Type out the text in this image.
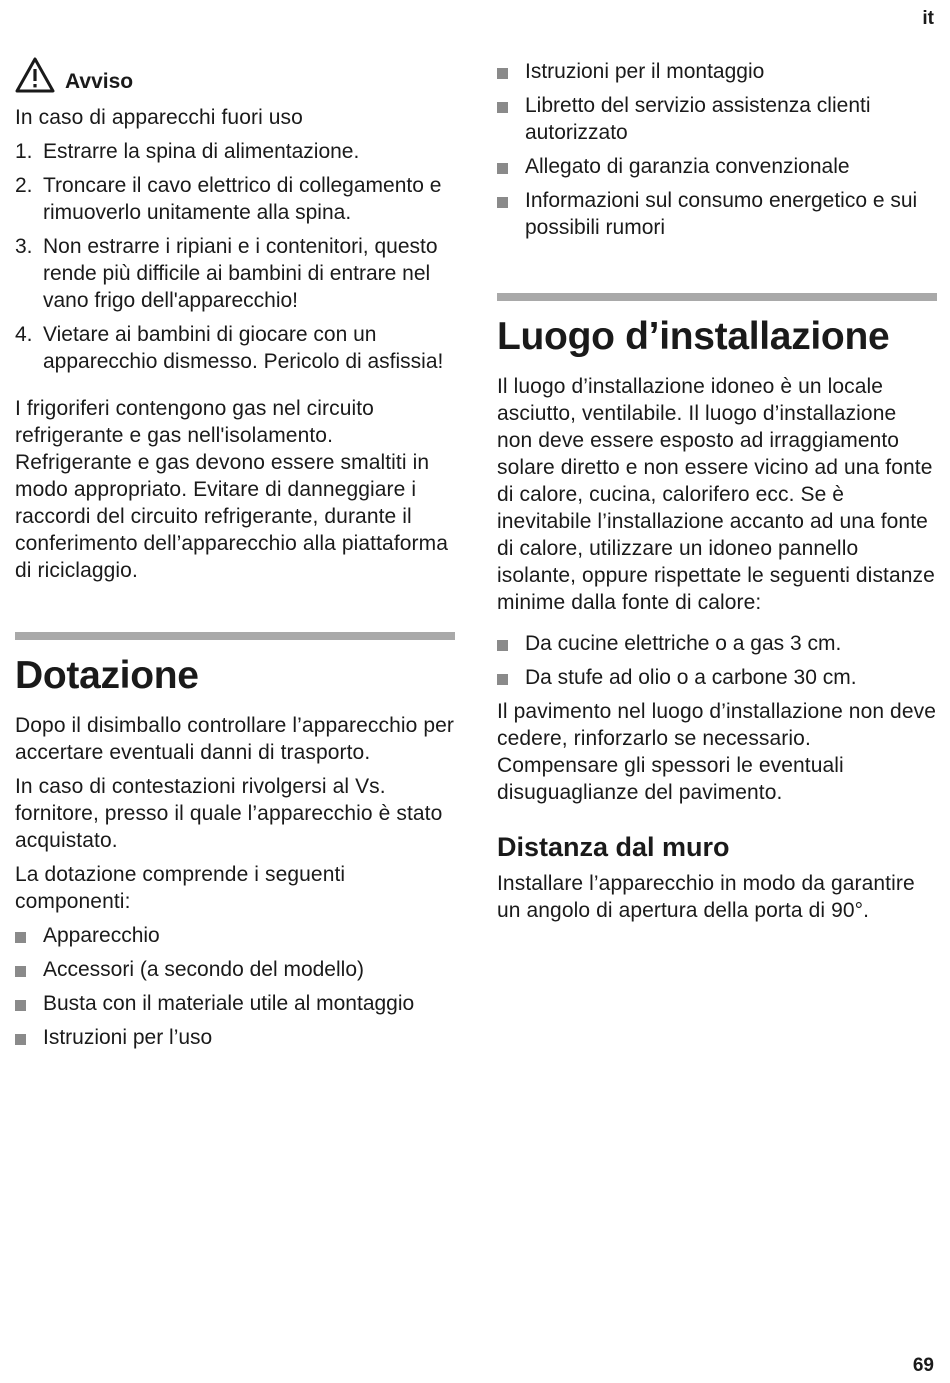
it
Avviso

In caso di apparecchi fuori uso

1. Estrarre la spina di alimentazione.
2. Troncare il cavo elettrico di collegamento e rimuoverlo unitamente alla spina.
3. Non estrarre i ripiani e i contenitori, questo rende più difficile ai bambini di entrare nel vano frigo dell'apparecchio!
4. Vietare ai bambini di giocare con un apparecchio dismesso. Pericolo di asfissia!

I frigoriferi contengono gas nel circuito refrigerante e gas nell'isolamento. Refrigerante e gas devono essere smaltiti in modo appropriato. Evitare di danneggiare i raccordi del circuito refrigerante, durante il conferimento dell’apparecchio alla piattaforma di riciclaggio.

Dotazione

Dopo il disimballo controllare l’apparecchio per accertare eventuali danni di trasporto.

In caso di contestazioni rivolgersi al Vs. fornitore, presso il quale l’apparecchio è stato acquistato.

La dotazione comprende i seguenti componenti:

Apparecchio
Accessori (a secondo del modello)
Busta con il materiale utile al montaggio
Istruzioni per l’uso
Istruzioni per il montaggio
Libretto del servizio assistenza clienti autorizzato
Allegato di garanzia convenzionale
Informazioni sul consumo energetico e sui possibili rumori
Luogo d’installazione

Il luogo d’installazione idoneo è un locale asciutto, ventilabile. Il luogo d’installazione non deve essere esposto ad irraggiamento solare diretto e non essere vicino ad una fonte di calore, cucina, calorifero ecc. Se è inevitabile l’installazione accanto ad una fonte di calore, utilizzare un idoneo pannello isolante, oppure rispettate le seguenti distanze minime dalla fonte di calore:

Da cucine elettriche o a gas 3 cm.
Da stufe ad olio o a carbone 30 cm.

Il pavimento nel luogo d’installazione non deve cedere, rinforzarlo se necessario. Compensare gli spessori le eventuali disuguaglianze del pavimento.

Distanza dal muro

Installare l’apparecchio in modo da garantire un angolo di apertura della porta di 90°.

69
